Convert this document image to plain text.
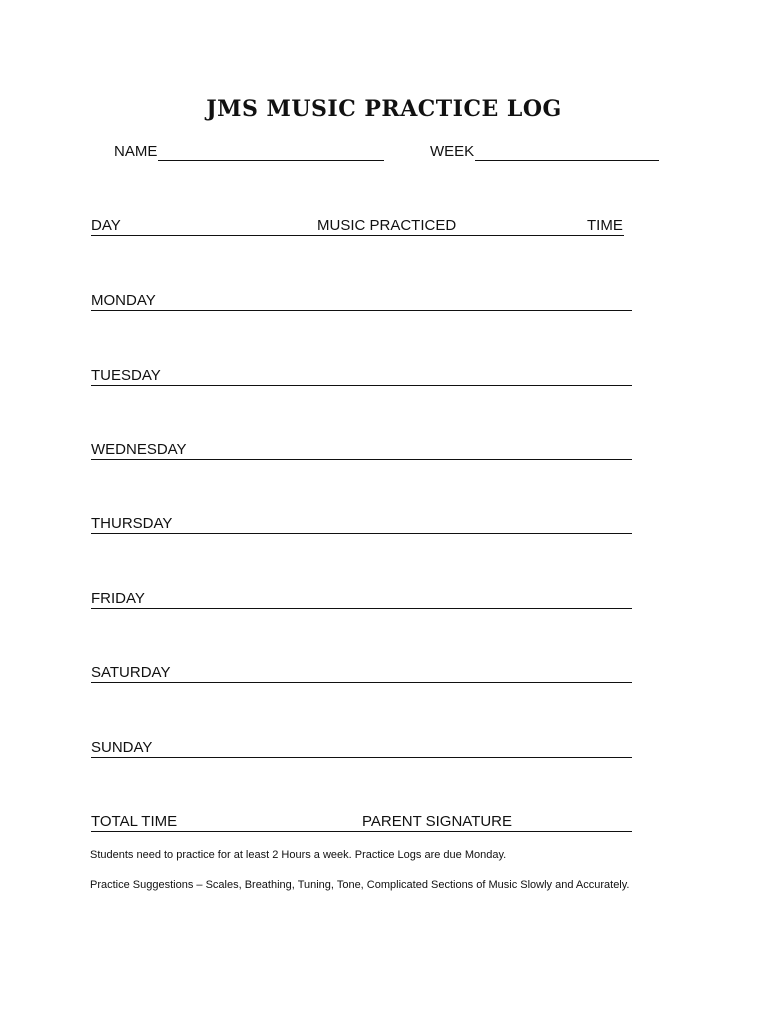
JMS MUSIC PRACTICE LOG
NAME	WEEK
DAY	MUSIC PRACTICED	TIME
MONDAY
TUESDAY
WEDNESDAY
THURSDAY
FRIDAY
SATURDAY
SUNDAY
TOTAL TIME	PARENT SIGNATURE
Students need to practice for at least 2 Hours a week. Practice Logs are due Monday.
Practice Suggestions – Scales, Breathing, Tuning, Tone, Complicated Sections of Music Slowly and Accurately.
